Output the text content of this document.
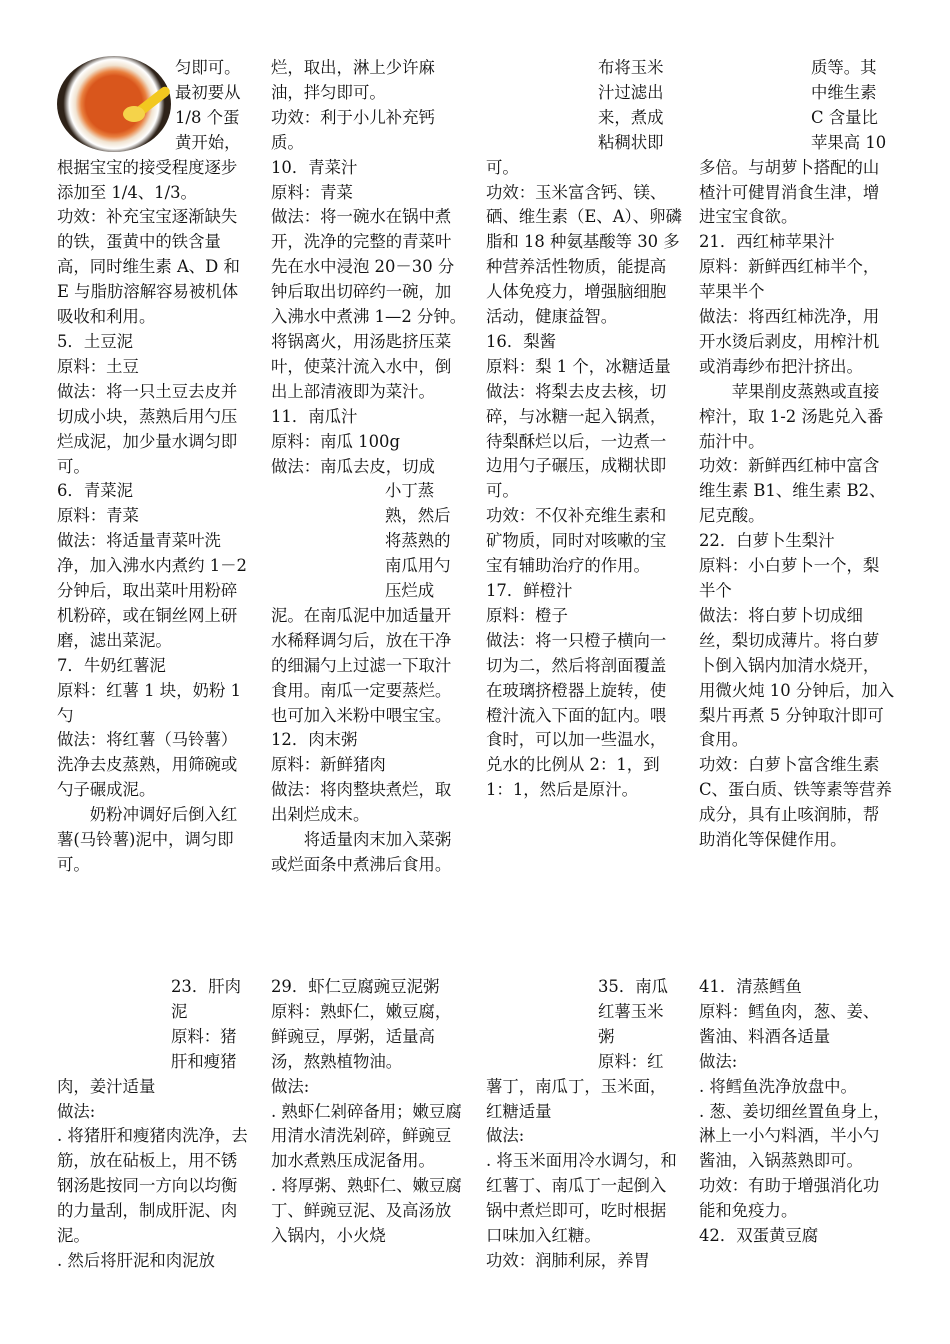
匀即可。

最初要从

1/8 个蛋

黄开始，

根据宝宝的接受程度逐步添加至 1/4、1/3。

功效：补充宝宝逐渐缺失的铁，蛋黄中的铁含量高，同时维生素 A、D 和 E 与脂肪溶解容易被机体吸收和利用。

5．土豆泥

原料：土豆

做法：将一只土豆去皮并切成小块，蒸熟后用勺压烂成泥，加少量水调匀即可。

6．青菜泥

原料：青菜

做法：将适量青菜叶洗净，加入沸水内煮约 1－2 分钟后，取出菜叶用粉碎机粉碎，或在铜丝网上研磨，滤出菜泥。

7．牛奶红薯泥

原料：红薯 1 块，奶粉 1 勺

做法：将红薯（马铃薯）洗净去皮蒸熟，用筛碗或勺子碾成泥。

奶粉冲调好后倒入红薯(马铃薯)泥中，调匀即可。

烂，取出，淋上少许麻油，拌匀即可。

功效：利于小儿补充钙质。

10．青菜汁

原料：青菜

做法：将一碗水在锅中煮开，洗净的完整的青菜叶先在水中浸泡 20－30 分钟后取出切碎约一碗，加入沸水中煮沸 1—2 分钟。将锅离火，用汤匙挤压菜叶，使菜汁流入水中，倒出上部清液即为菜汁。

11．南瓜汁

原料：南瓜 100g

做法：南瓜去皮，切成

小丁蒸

熟，然后

将蒸熟的

南瓜用勺

压烂成

泥。在南瓜泥中加适量开水稀释调匀后，放在干净的细漏勺上过滤一下取汁食用。南瓜一定要蒸烂。也可加入米粉中喂宝宝。

12．肉末粥

原料：新鲜猪肉

做法：将肉整块煮烂，取出剁烂成末。

将适量肉末加入菜粥或烂面条中煮沸后食用。

布将玉米

汁过滤出

来，煮成

粘稠状即

可。

功效：玉米富含钙、镁、硒、维生素（E、A）、卵磷脂和 18 种氨基酸等 30 多种营养活性物质，能提高人体免疫力，增强脑细胞活动，健康益智。

16．梨酱

原料：梨 1 个，冰糖适量

做法：将梨去皮去核，切碎，与冰糖一起入锅煮，待梨酥烂以后，一边煮一边用勺子碾压，成糊状即可。

功效：不仅补充维生素和矿物质，同时对咳嗽的宝宝有辅助治疗的作用。

17．鲜橙汁

原料：橙子

做法：将一只橙子横向一切为二，然后将剖面覆盖在玻璃挤橙器上旋转，使橙汁流入下面的缸内。喂食时，可以加一些温水，兑水的比例从 2：1，到 1：1，然后是原汁。

质等。其

中维生素

C 含量比

苹果高 10

多倍。与胡萝卜搭配的山楂汁可健胃消食生津，增进宝宝食欲。

21．西红柿苹果汁

原料：新鲜西红柿半个，苹果半个

做法：将西红柿洗净，用开水烫后剥皮，用榨汁机或消毒纱布把汁挤出。

苹果削皮蒸熟或直接榨汁，取 1-2 汤匙兑入番茄汁中。

功效：新鲜西红柿中富含维生素 B1、维生素 B2、尼克酸。

22．白萝卜生梨汁

原料：小白萝卜一个，梨半个

做法：将白萝卜切成细丝，梨切成薄片。将白萝卜倒入锅内加清水烧开，用微火炖 10 分钟后，加入梨片再煮 5 分钟取汁即可食用。

功效：白萝卜富含维生素 C、蛋白质、铁等素等营养成分，具有止咳润肺，帮助消化等保健作用。

23．肝肉

泥

原料：猪

肝和瘦猪

肉，姜汁适量

做法:

. 将猪肝和瘦猪肉洗净，去筋，放在砧板上，用不锈钢汤匙按同一方向以均衡的力量刮，制成肝泥、肉泥。

. 然后将肝泥和肉泥放

29．虾仁豆腐豌豆泥粥

原料：熟虾仁，嫩豆腐，鲜豌豆，厚粥，适量高汤，熬熟植物油。

做法:

. 熟虾仁剁碎备用；嫩豆腐用清水清洗剁碎，鲜豌豆加水煮熟压成泥备用。

. 将厚粥、熟虾仁、嫩豆腐丁、鲜豌豆泥、及高汤放入锅内，小火烧

35．南瓜

红薯玉米

粥

原料：红

薯丁，南瓜丁，玉米面，红糖适量

做法:

. 将玉米面用冷水调匀，和红薯丁、南瓜丁一起倒入锅中煮烂即可，吃时根据口味加入红糖。

功效：润肺利尿，养胃

41．清蒸鳕鱼

原料：鳕鱼肉，葱、姜、酱油、料酒各适量

做法:

. 将鳕鱼洗净放盘中。

. 葱、姜切细丝置鱼身上，淋上一小勺料酒，半小勺酱油，入锅蒸熟即可。

功效：有助于增强消化功能和免疫力。

42．双蛋黄豆腐
